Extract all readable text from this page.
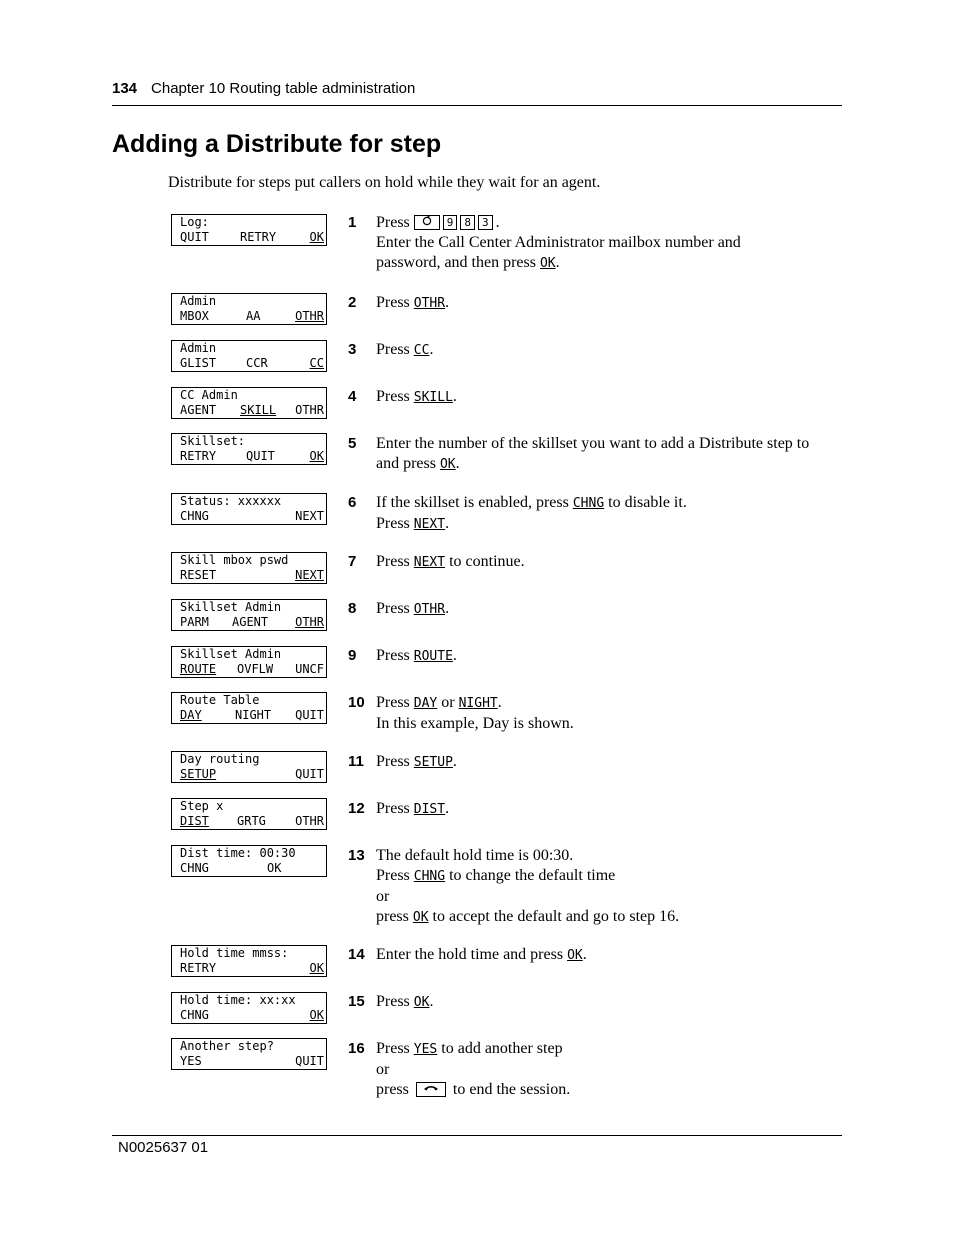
134 Chapter 10 Routing table administration
Adding a Distribute for step
Distribute for steps put callers on hold while they wait for an agent.
Log:
QUIT	RETRY	OK
Admin
MBOX	AA	OTHR
Admin
GLIST CCR	CC
CC Admin
AGENT SKILL OTHR
Skillset:
RETRY QUIT	OK
Status: xxxxxx
CHNG	NEXT
Skill mbox pswd
RESET	NEXT
Skillset Admin
PARM AGENT OTHR
Skillset Admin
ROUTE OVFLW UNCF
Route Table
DAY	NIGHT QUIT
Day routing
SETUP	QUIT
Step x
DIST GRTG OTHR
Dist time: 00:30
CHNG	OK
Hold time mmss:
RETRY	OK
Hold time: xx:xx
CHNG	OK
Another step?
YES	QUIT
1
2
3
4
5
6
7
8
9
10
11
12
13
14
15
16
Press	9 8 3 .
Enter the Call Center Administrator mailbox number and
password, and then press OK.
Press OTHR.
Press CC.
Press SKILL.
Enter the number of the skillset you want to add a Distribute step to
and press OK.
If the skillset is enabled, press CHNG to disable it.
Press NEXT.
Press NEXT to continue.
Press OTHR.
Press ROUTE.
Press DAY or NIGHT.
In this example, Day is shown.
Press SETUP.
Press DIST.
The default hold time is 00:30.
Press CHNG to change the default time
or
press OK to accept the default and go to step 16.
Enter the hold time and press OK.
Press OK.
Press YES to add another step
or
press  to end the session.
N0025637 01
